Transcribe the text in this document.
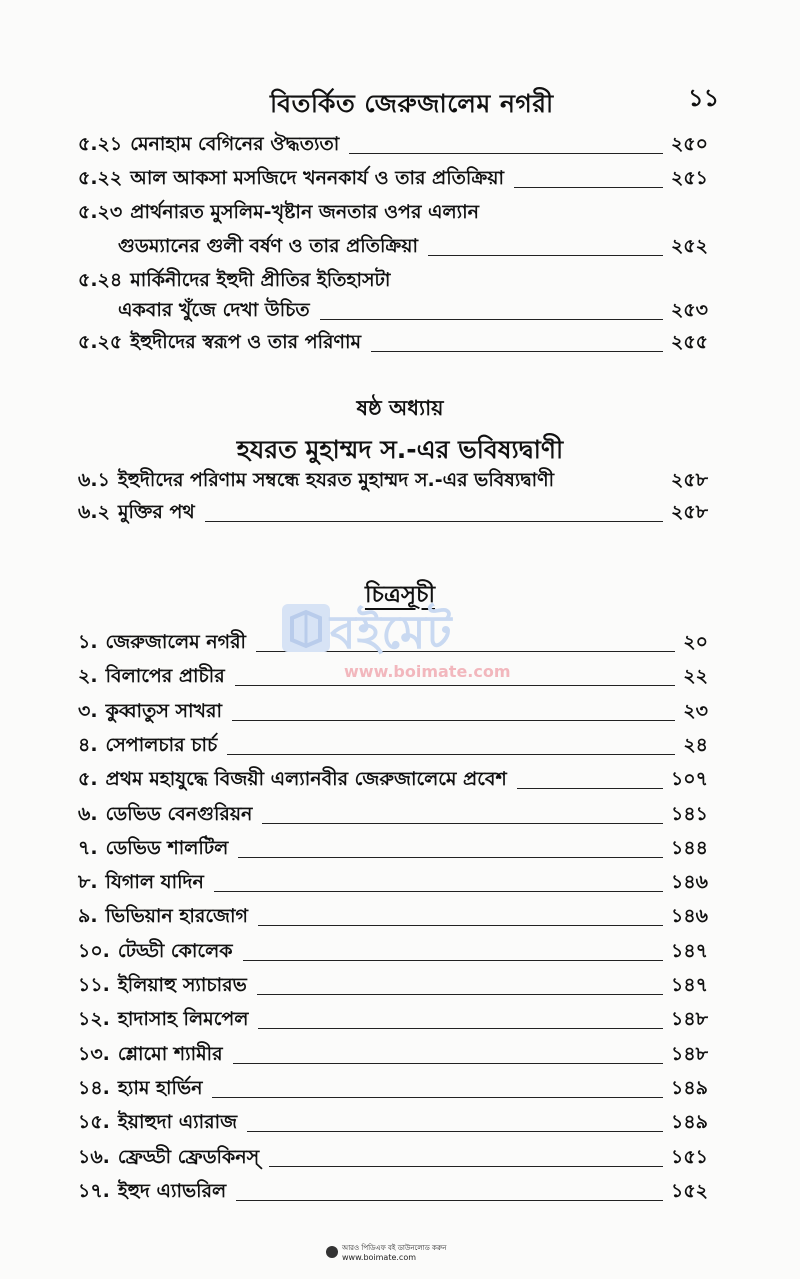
বিতর্কিত জেরুজালেম নগরী	১১
৫.২১ মেনাহাম বেগিনের ঔদ্ধত্যতা	২৫০
৫.২২ আল আকসা মসজিদে খননকার্য ও তার প্রতিক্রিয়া	২৫১
৫.২৩ প্রার্থনারত মুসলিম-খৃষ্টান জনতার ওপর এল্যান
গুডম্যানের গুলী বর্ষণ ও তার প্রতিক্রিয়া	২৫২
৫.২৪ মার্কিনীদের ইহুদী প্রীতির ইতিহাসটা
একবার খুঁজে দেখা উচিত	২৫৩
৫.২৫ ইহুদীদের স্বরূপ ও তার পরিণাম	২৫৫
ষষ্ঠ অধ্যায়
হযরত মুহাম্মদ স.-এর ভবিষ্যদ্বাণী
৬.১ ইহুদীদের পরিণাম সম্বন্ধে হযরত মুহাম্মদ স.-এর ভবিষ্যদ্বাণী	২৫৮
৬.২ মুক্তির পথ	২৫৮
চিত্রসূচী
১. জেরুজালেম নগরী	২০
২. বিলাপের প্রাচীর	২২
৩. কুব্বাতুস সাখরা	২৩
৪. সেপালচার চার্চ	২৪
৫. প্রথম মহাযুদ্ধে বিজয়ী এল্যানবীর জেরুজালেমে প্রবেশ	১০৭
৬. ডেভিড বেনগুরিয়ন	১৪১
৭. ডেভিড শালটিল	১৪৪
৮. যিগাল যাদিন	১৪৬
৯. ভিভিয়ান হারজোগ	১৪৬
১০. টেড্ডী কোলেক	১৪৭
১১. ইলিয়াহু স্যাচারভ	১৪৭
১২. হাদাসাহ লিমপেল	১৪৮
১৩. শ্লোমো শ্যামীর	১৪৮
১৪. হ্যাম হার্ভিন	১৪৯
১৫. ইয়াহুদা এ্যারাজ	১৪৯
১৬. ফ্রেড্ডী ফ্রেডকিনস্	১৫১
১৭. ইহুদ এ্যাভরিল	১৫২
বইমেট
www.boimate.com
আরও পিডিএফ বই ডাউনলোড করুন
www.boimate.com
